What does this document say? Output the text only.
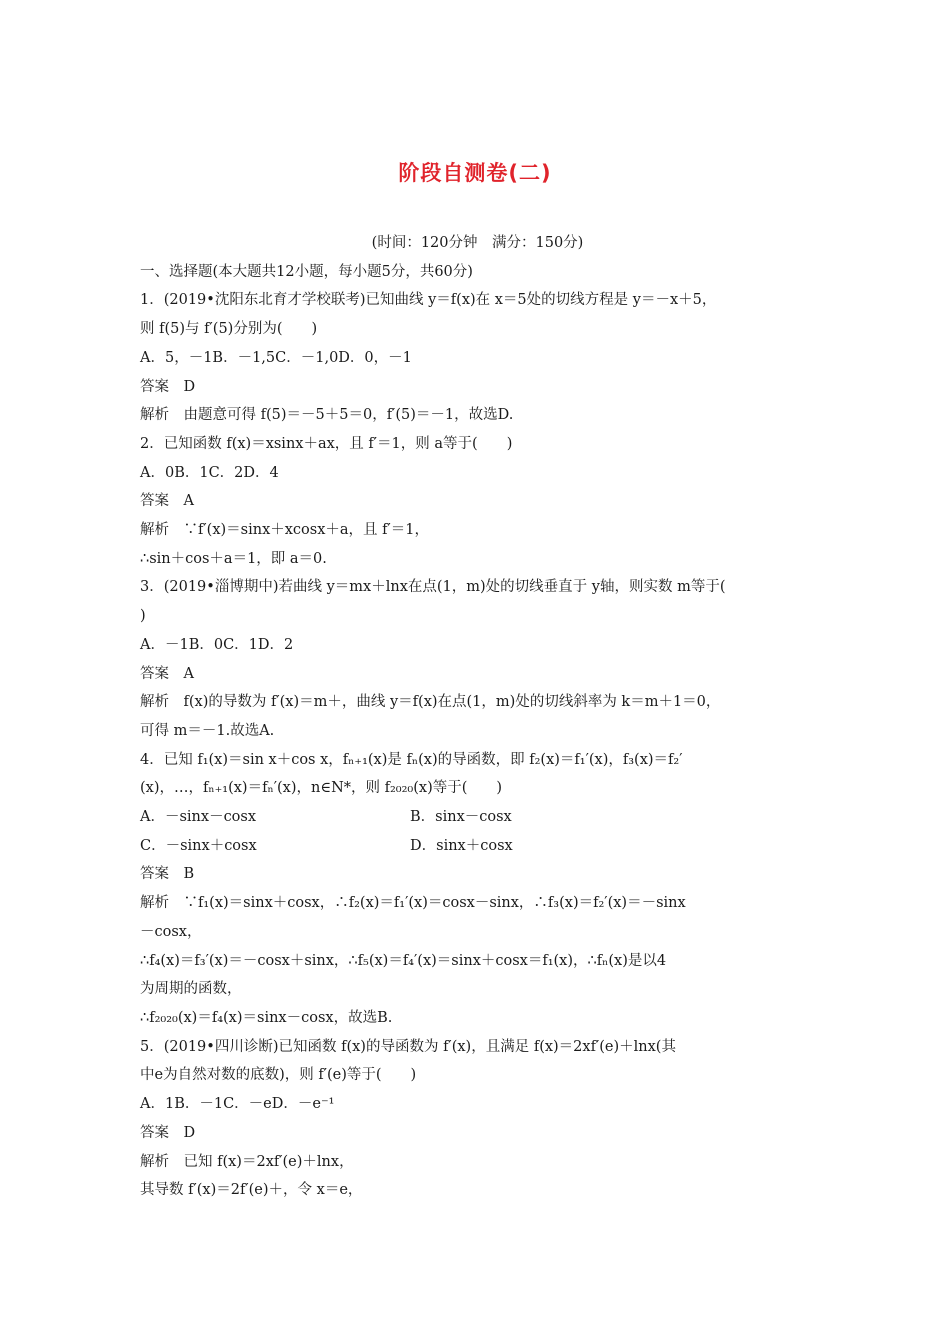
阶段自测卷(二)
(时间：120分钟　满分：150分)
一、选择题(本大题共12小题，每小题5分，共60分)
1．(2019•沈阳东北育才学校联考)已知曲线 y＝f(x)在 x＝5处的切线方程是 y＝－x＋5，
则 f(5)与 f′(5)分别为(　　)
A．5，－1B．－1,5C．－1,0D．0，－1
答案　D
解析　由题意可得 f(5)＝－5＋5＝0，f′(5)＝－1，故选D.
2．已知函数 f(x)＝xsinx＋ax，且 f′＝1，则 a等于(　　)
A．0B．1C．2D．4
答案　A
解析　∵f′(x)＝sinx＋xcosx＋a，且 f′＝1，
∴sin＋cos＋a＝1，即 a＝0.
3．(2019•淄博期中)若曲线 y＝mx＋lnx在点(1，m)处的切线垂直于 y轴，则实数 m等于(
)
A．－1B．0C．1D．2
答案　A
解析　f(x)的导数为 f′(x)＝m＋，曲线 y＝f(x)在点(1，m)处的切线斜率为 k＝m＋1＝0，
可得 m＝－1.故选A.
4．已知 f₁(x)＝sin x＋cos x，fₙ₊₁(x)是 fₙ(x)的导函数，即 f₂(x)＝f₁′(x)，f₃(x)＝f₂′
(x)，…，fₙ₊₁(x)＝fₙ′(x)，n∈N*，则 f₂₀₂₀(x)等于(　　)
A．－sinx－cosx	B．sinx－cosx
C．－sinx＋cosx	D．sinx＋cosx
答案　B
解析　∵f₁(x)＝sinx＋cosx，∴f₂(x)＝f₁′(x)＝cosx－sinx，∴f₃(x)＝f₂′(x)＝－sinx
－cosx，
∴f₄(x)＝f₃′(x)＝－cosx＋sinx，∴f₅(x)＝f₄′(x)＝sinx＋cosx＝f₁(x)，∴fₙ(x)是以4
为周期的函数，
∴f₂₀₂₀(x)＝f₄(x)＝sinx－cosx，故选B.
5．(2019•四川诊断)已知函数 f(x)的导函数为 f′(x)，且满足 f(x)＝2xf′(e)＋lnx(其
中e为自然对数的底数)，则 f′(e)等于(　　)
A．1B．－1C．－eD．－e⁻¹
答案　D
解析　已知 f(x)＝2xf′(e)＋lnx，
其导数 f′(x)＝2f′(e)＋，令 x＝e，
